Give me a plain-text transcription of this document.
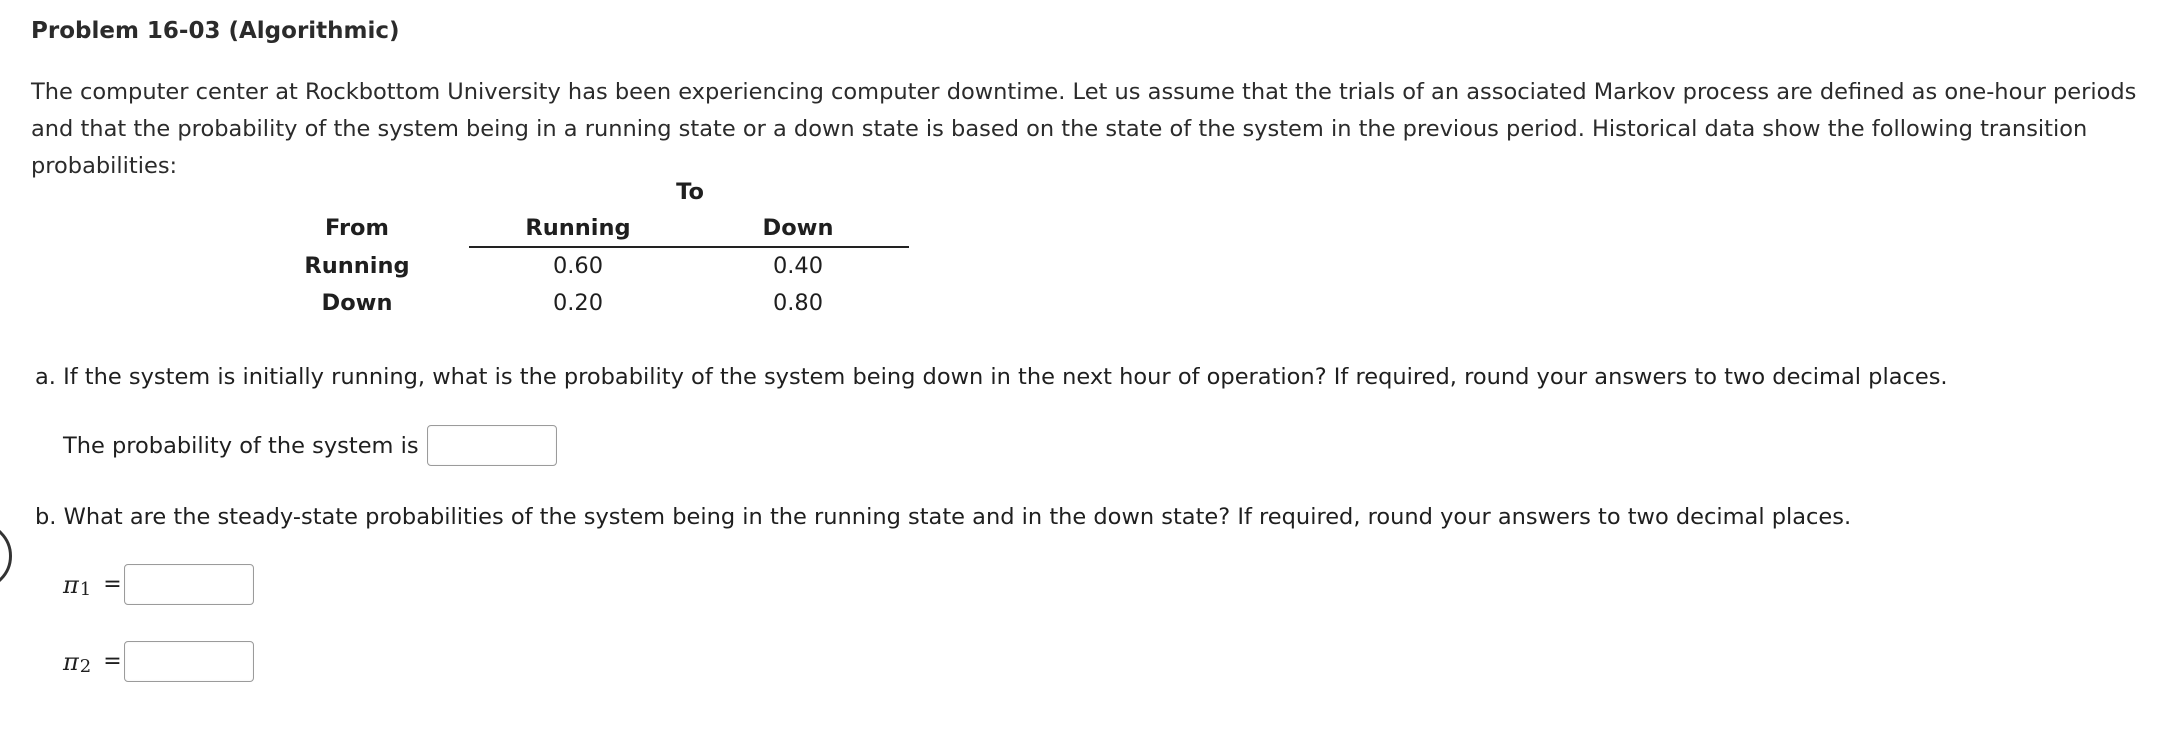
Problem 16-03 (Algorithmic)
The computer center at Rockbottom University has been experiencing computer downtime. Let us assume that the trials of an associated Markov process are defined as one-hour periods and that the probability of the system being in a running state or a down state is based on the state of the system in the previous period. Historical data show the following transition probabilities:
To
From	Running	Down
Running	0.60	0.40
Down	0.20	0.80
a. If the system is initially running, what is the probability of the system being down in the next hour of operation? If required, round your answers to two decimal places.
The probability of the system is
b. What are the steady-state probabilities of the system being in the running state and in the down state? If required, round your answers to two decimal places.
π 1 =
π 2 =
